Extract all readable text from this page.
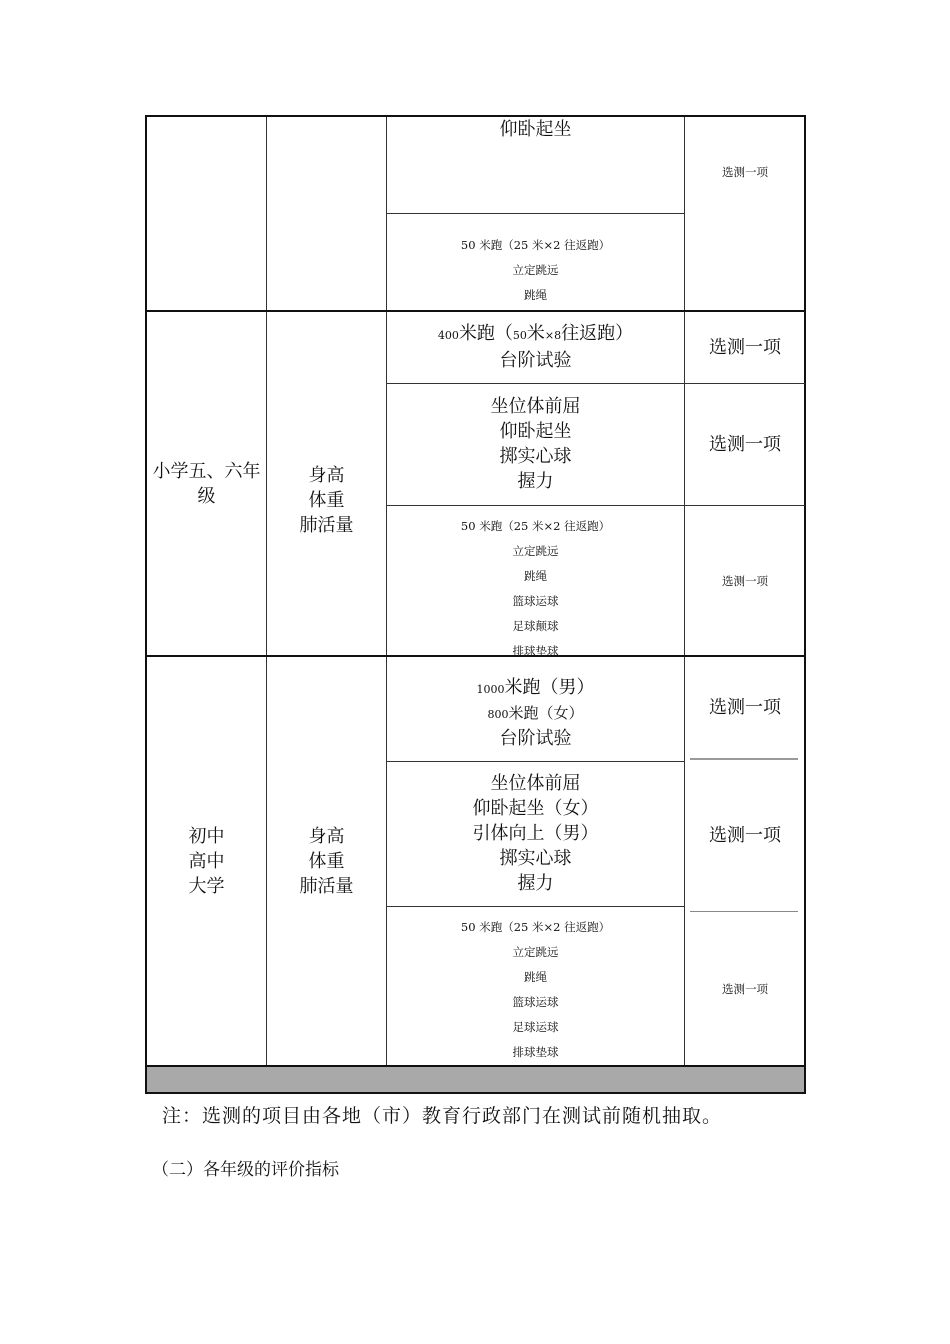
仰卧起坐
选测一项
50 米跑（25 米×2 往返跑）
立定跳远
跳绳
小学五、六年
级
身高
体重
肺活量
400米跑（50米×8往返跑）
台阶试验
选测一项
坐位体前屈
仰卧起坐
掷实心球
握力
选测一项
50 米跑（25 米×2 往返跑）
立定跳远
跳绳
篮球运球
足球颠球
排球垫球
选测一项
初中
高中
大学
身高
体重
肺活量
1000米跑（男）
800米跑（女）
台阶试验
选测一项
坐位体前屈
仰卧起坐（女）
引体向上（男）
掷实心球
握力
选测一项
50 米跑（25 米×2 往返跑）
立定跳远
跳绳
篮球运球
足球运球
排球垫球
选测一项
注：选测的项目由各地（市）教育行政部门在测试前随机抽取。
（二）各年级的评价指标
